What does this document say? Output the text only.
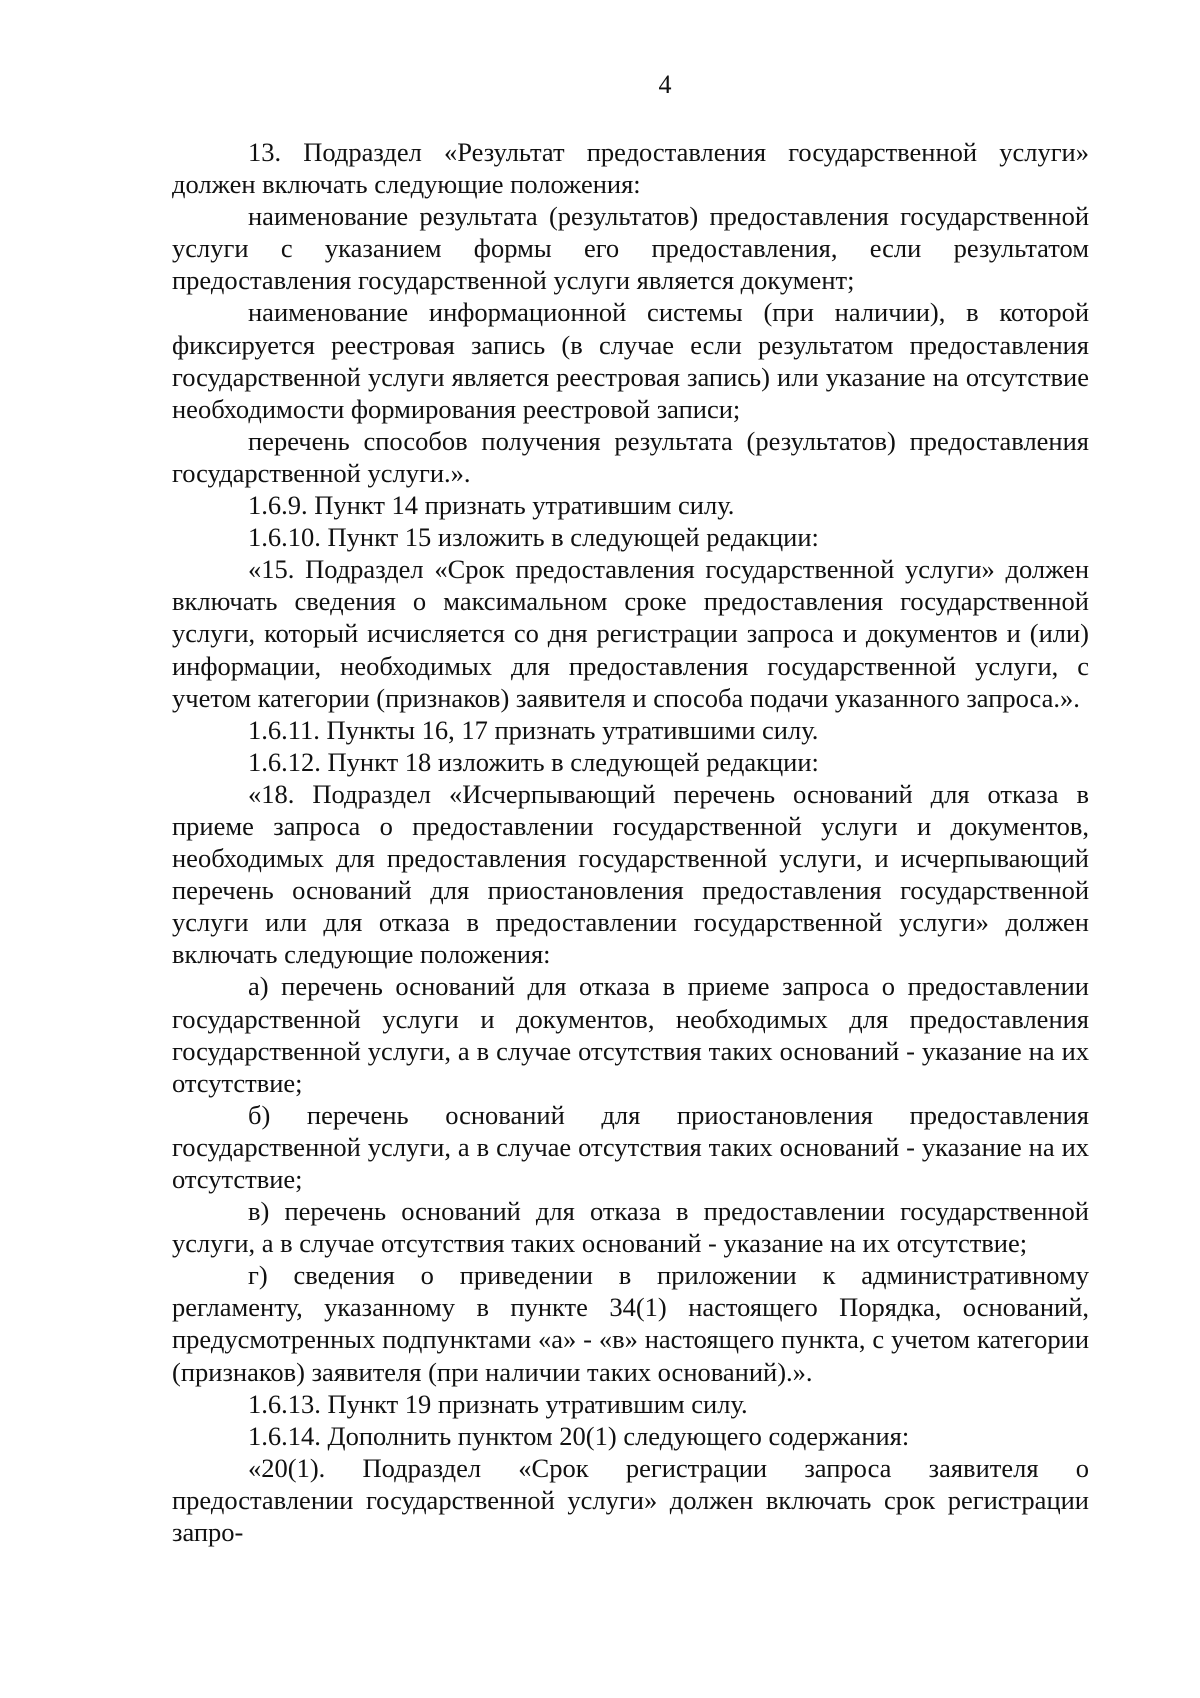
4

13. Подраздел «Результат предоставления государственной услуги» должен включать следующие положения:

наименование результата (результатов) предоставления государственной услуги с указанием формы его предоставления, если результатом предоставления государственной услуги является документ;

наименование информационной системы (при наличии), в которой фиксируется реестровая запись (в случае если результатом предоставления государственной услуги является реестровая запись) или указание на отсутствие необходимости формирования реестровой записи;

перечень способов получения результата (результатов) предоставления государственной услуги.».

1.6.9. Пункт 14 признать утратившим силу.

1.6.10. Пункт 15 изложить в следующей редакции:

«15. Подраздел «Срок предоставления государственной услуги» должен включать сведения о максимальном сроке предоставления государственной услуги, который исчисляется со дня регистрации запроса и документов и (или) информации, необходимых для предоставления государственной услуги, с учетом категории (признаков) заявителя и способа подачи указанного запроса.».

1.6.11. Пункты 16, 17 признать утратившими силу.

1.6.12. Пункт 18 изложить в следующей редакции:

«18. Подраздел «Исчерпывающий перечень оснований для отказа в приеме запроса о предоставлении государственной услуги и документов, необходимых для предоставления государственной услуги, и исчерпывающий перечень оснований для приостановления предоставления государственной услуги или для отказа в предоставлении государственной услуги» должен включать следующие положения:

а) перечень оснований для отказа в приеме запроса о предоставлении государственной услуги и документов, необходимых для предоставления государственной услуги, а в случае отсутствия таких оснований - указание на их отсутствие;

б) перечень оснований для приостановления предоставления государственной услуги, а в случае отсутствия таких оснований - указание на их отсутствие;

в) перечень оснований для отказа в предоставлении государственной услуги, а в случае отсутствия таких оснований - указание на их отсутствие;

г) сведения о приведении в приложении к административному регламенту, указанному в пункте 34(1) настоящего Порядка, оснований, предусмотренных подпунктами «а» - «в» настоящего пункта, с учетом категории (признаков) заявителя (при наличии таких оснований).».

1.6.13. Пункт 19 признать утратившим силу.

1.6.14. Дополнить пунктом 20(1) следующего содержания:

«20(1). Подраздел «Срок регистрации запроса заявителя о предоставлении государственной услуги» должен включать срок регистрации запро-
